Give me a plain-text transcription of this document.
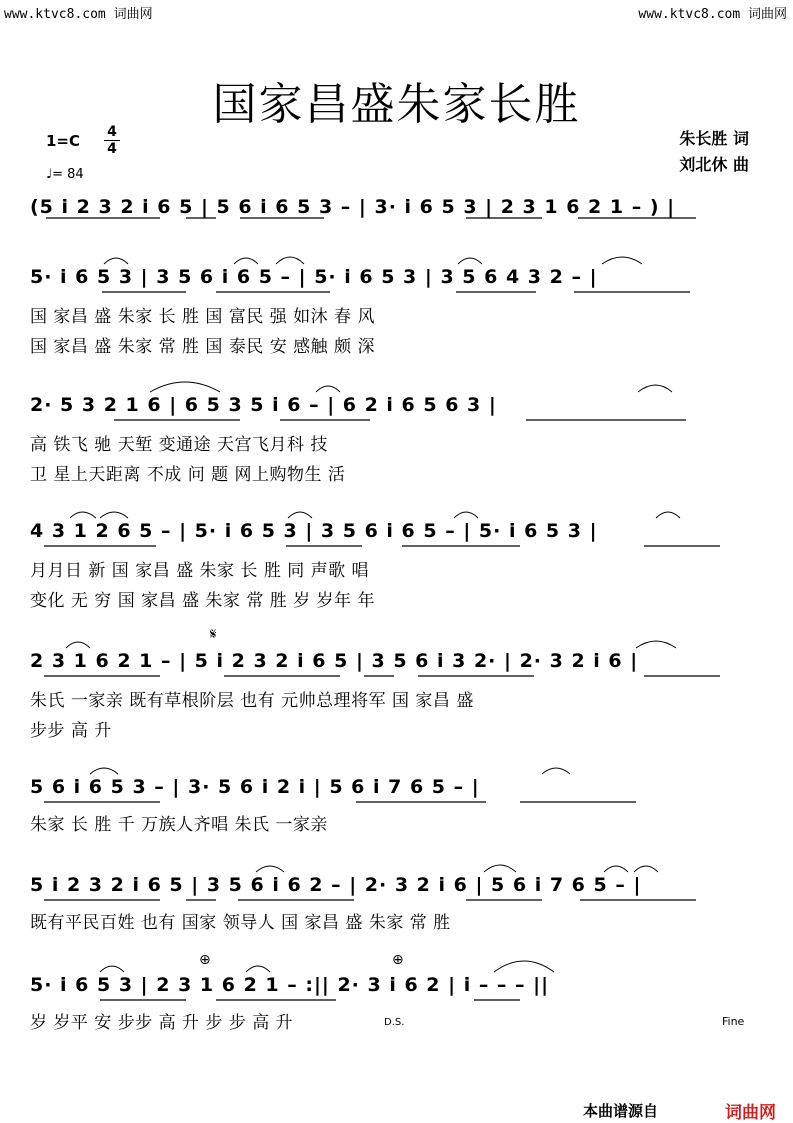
www.ktvc8.com 词曲网	www.ktvc8.com 词曲网
国家昌盛朱家长胜
1=C 4
4
♩= 84
朱长胜 词
刘北休 曲
(5 i 2 3 2 i 6 5 | 5 6 i 6 5 3 – | 3· i 6 5 3 | 2 3 1 6 2 1 – ) |
5· i 6 5 3 | 3 5 6 i 6 5 – | 5· i 6 5 3 | 3 5 6 4 3 2 – |
国 家昌 盛 朱家 长 胜 国 富民 强 如沐 春 风
国 家昌 盛 朱家 常 胜 国 泰民 安 感触 颇 深
2· 5 3 2 1 6 | 6 5 3 5 i 6 – | 6 2 i 6 5 6 3 |
高 铁飞 驰 天堑 变通途 天宫飞月科 技
卫 星上天距离 不成 问 题 网上购物生 活
4 3 1 2 6 5 – | 5· i 6 5 3 | 3 5 6 i 6 5 – | 5· i 6 5 3 |
月月日 新 国 家昌 盛 朱家 长 胜 同 声歌 唱
变化 无 穷 国 家昌 盛 朱家 常 胜 岁 岁年 年
𝄋
2 3 1 6 2 1 – | 5 i 2 3 2 i 6 5 | 3 5 6 i 3 2· | 2· 3 2 i 6 |
朱氏 一家亲 既有草根阶层 也有 元帅总理将军 国 家昌 盛
步步 高 升
5 6 i 6 5 3 – | 3· 5 6 i 2 i | 5 6 i 7 6 5 – |
朱家 长 胜 千 万族人齐唱 朱氏 一家亲
5 i 2 3 2 i 6 5 | 3 5 6 i 6 2 – | 2· 3 2 i 6 | 5 6 i 7 6 5 – |
既有平民百姓 也有 国家 领导人 国 家昌 盛 朱家 常 胜
⊕	⊕
5· i 6 5 3 | 2 3 1 6 2 1 – :|| 2· 3 i 6 2 | i – – – ||
岁 岁平 安 步步 高 升 步 步 高 升	D.S.	Fine
本曲谱源自	词曲网
